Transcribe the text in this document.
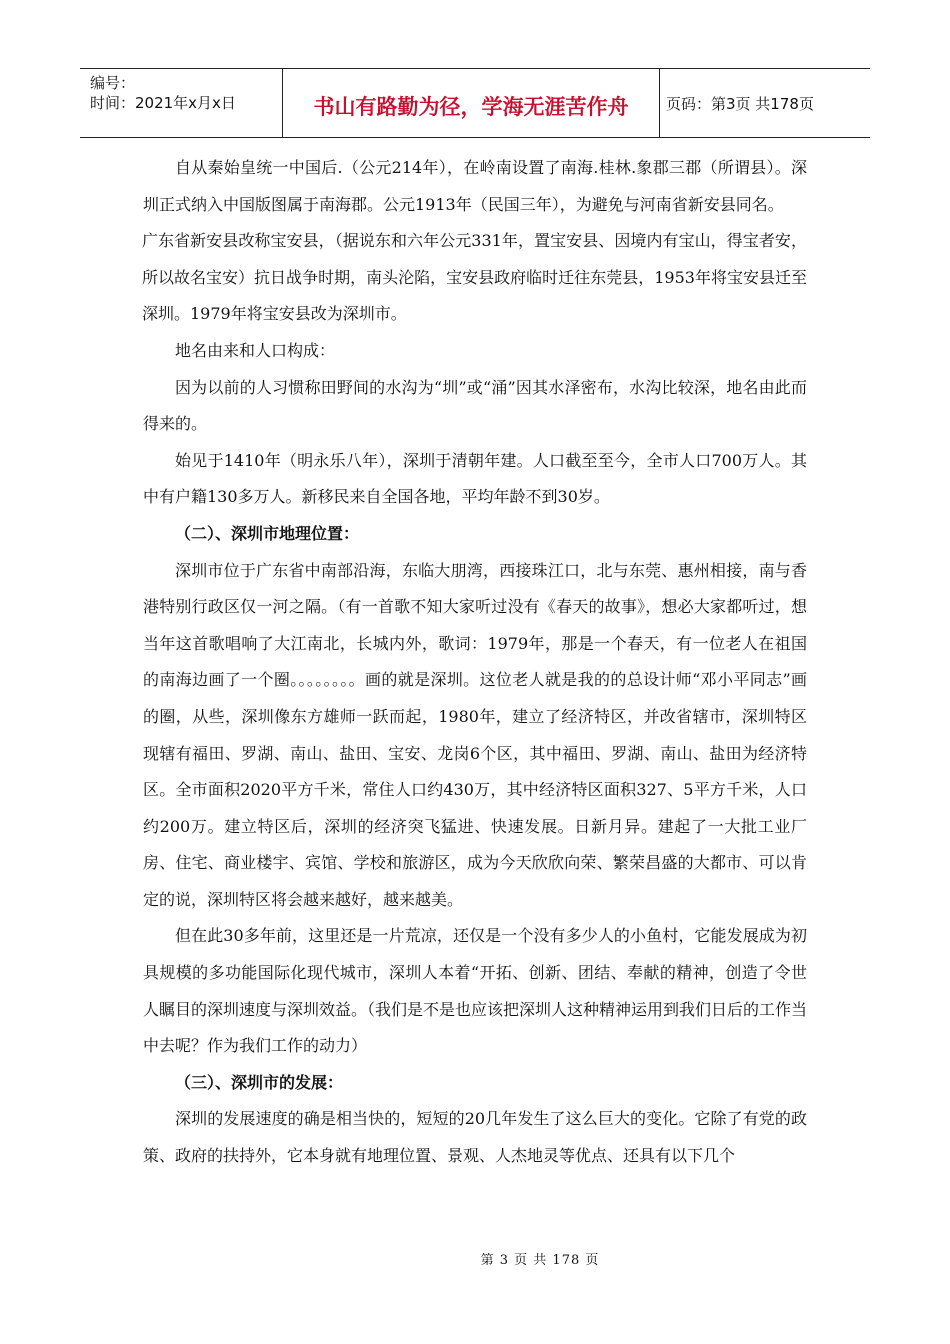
编号：
时间：2021年x月x日	书山有路勤为径，学海无涯苦作舟	页码：第3页 共178页

自从秦始皇统一中国后.（公元214年），在岭南设置了南海.桂林.象郡三郡（所谓县）。深圳正式纳入中国版图属于南海郡。公元1913年（民国三年），为避免与河南省新安县同名。

广东省新安县改称宝安县，（据说东和六年公元331年，置宝安县、因境内有宝山，得宝者安，所以故名宝安）抗日战争时期，南头沦陷，宝安县政府临时迁往东莞县，1953年将宝安县迁至深圳。1979年将宝安县改为深圳市。

地名由来和人口构成：

因为以前的人习惯称田野间的水沟为“圳”或“涌”因其水泽密布，水沟比较深，地名由此而得来的。

始见于1410年（明永乐八年），深圳于清朝年建。人口截至至今，全市人口700万人。其中有户籍130多万人。新移民来自全国各地，平均年龄不到30岁。

（二）、深圳市地理位置：

深圳市位于广东省中南部沿海，东临大朋湾，西接珠江口，北与东莞、惠州相接，南与香港特别行政区仅一河之隔。（有一首歌不知大家听过没有《春天的故事》，想必大家都听过，想当年这首歌唱响了大江南北，长城内外，歌词：1979年，那是一个春天，有一位老人在祖国的南海边画了一个圈。。。。。。。。画的就是深圳。这位老人就是我的的总设计师“邓小平同志”画的圈，从些，深圳像东方雄师一跃而起，1980年，建立了经济特区，并改省辖市，深圳特区现辖有福田、罗湖、南山、盐田、宝安、龙岗6个区，其中福田、罗湖、南山、盐田为经济特区。全市面积2020平方千米，常住人口约430万，其中经济特区面积327、5平方千米，人口约200万。建立特区后，深圳的经济突飞猛进、快速发展。日新月异。建起了一大批工业厂房、住宅、商业楼宇、宾馆、学校和旅游区，成为今天欣欣向荣、繁荣昌盛的大都市、可以肯定的说，深圳特区将会越来越好，越来越美。

但在此30多年前，这里还是一片荒凉，还仅是一个没有多少人的小鱼村，它能发展成为初具规模的多功能国际化现代城市，深圳人本着“开拓、创新、团结、奉献的精神，创造了令世人瞩目的深圳速度与深圳效益。（我们是不是也应该把深圳人这种精神运用到我们日后的工作当中去呢？作为我们工作的动力）

（三）、深圳市的发展：

深圳的发展速度的确是相当快的，短短的20几年发生了这么巨大的变化。它除了有党的政策、政府的扶持外，它本身就有地理位置、景观、人杰地灵等优点、还具有以下几个

第 3 页 共 178 页
